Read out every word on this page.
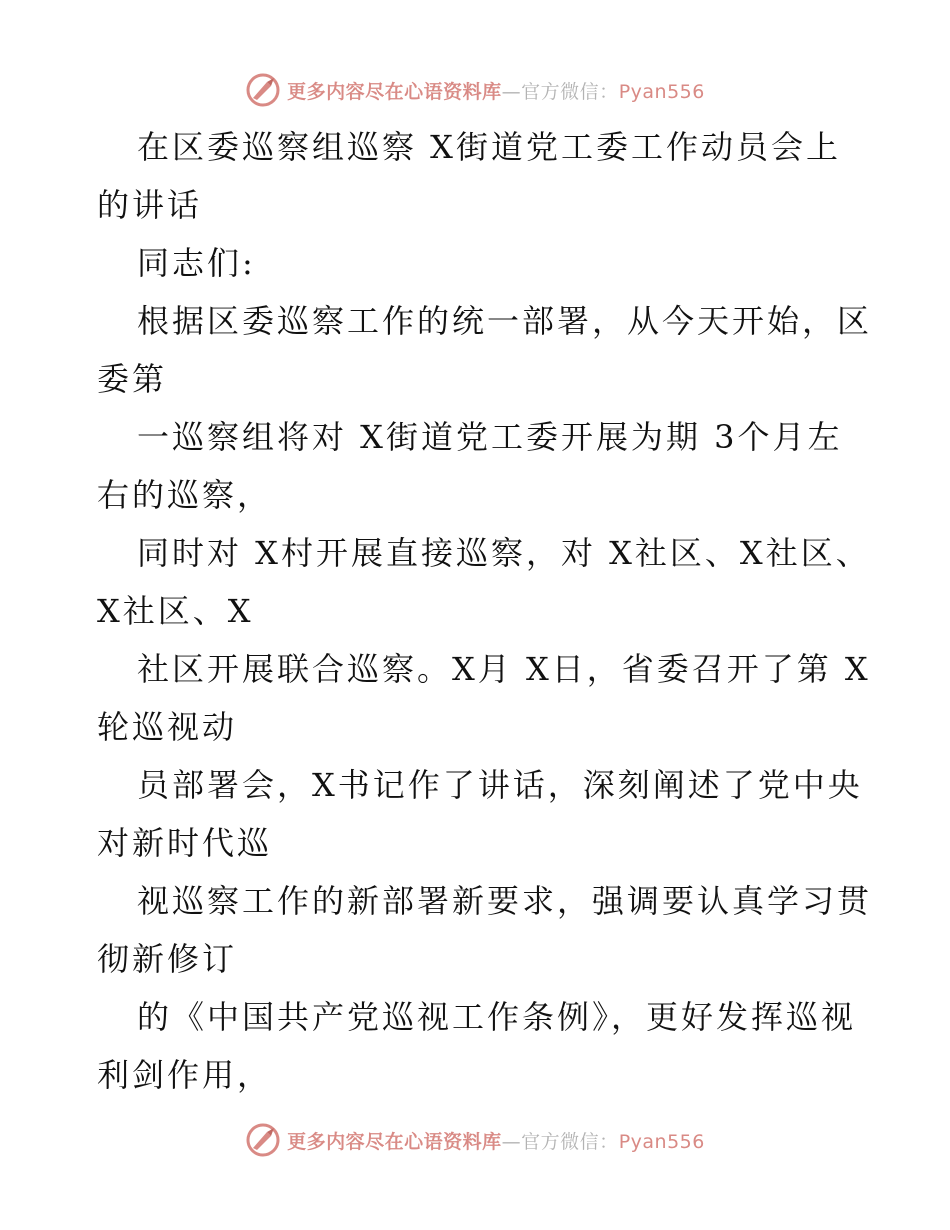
更多内容尽在心语资料库—官方微信：Pyan556
在区委巡察组巡察 X街道党工委工作动员会上
的讲话
同志们:
根据区委巡察工作的统一部署，从今天开始，区
委第
一巡察组将对 X街道党工委开展为期 3个月左
右的巡察，
同时对 X村开展直接巡察，对 X社区、X社区、
X社区、X
社区开展联合巡察。X月 X日，省委召开了第 X
轮巡视动
员部署会，X书记作了讲话，深刻阐述了党中央
对新时代巡
视巡察工作的新部署新要求，强调要认真学习贯
彻新修订
的《中国共产党巡视工作条例》，更好发挥巡视
利剑作用，
更多内容尽在心语资料库—官方微信：Pyan556
